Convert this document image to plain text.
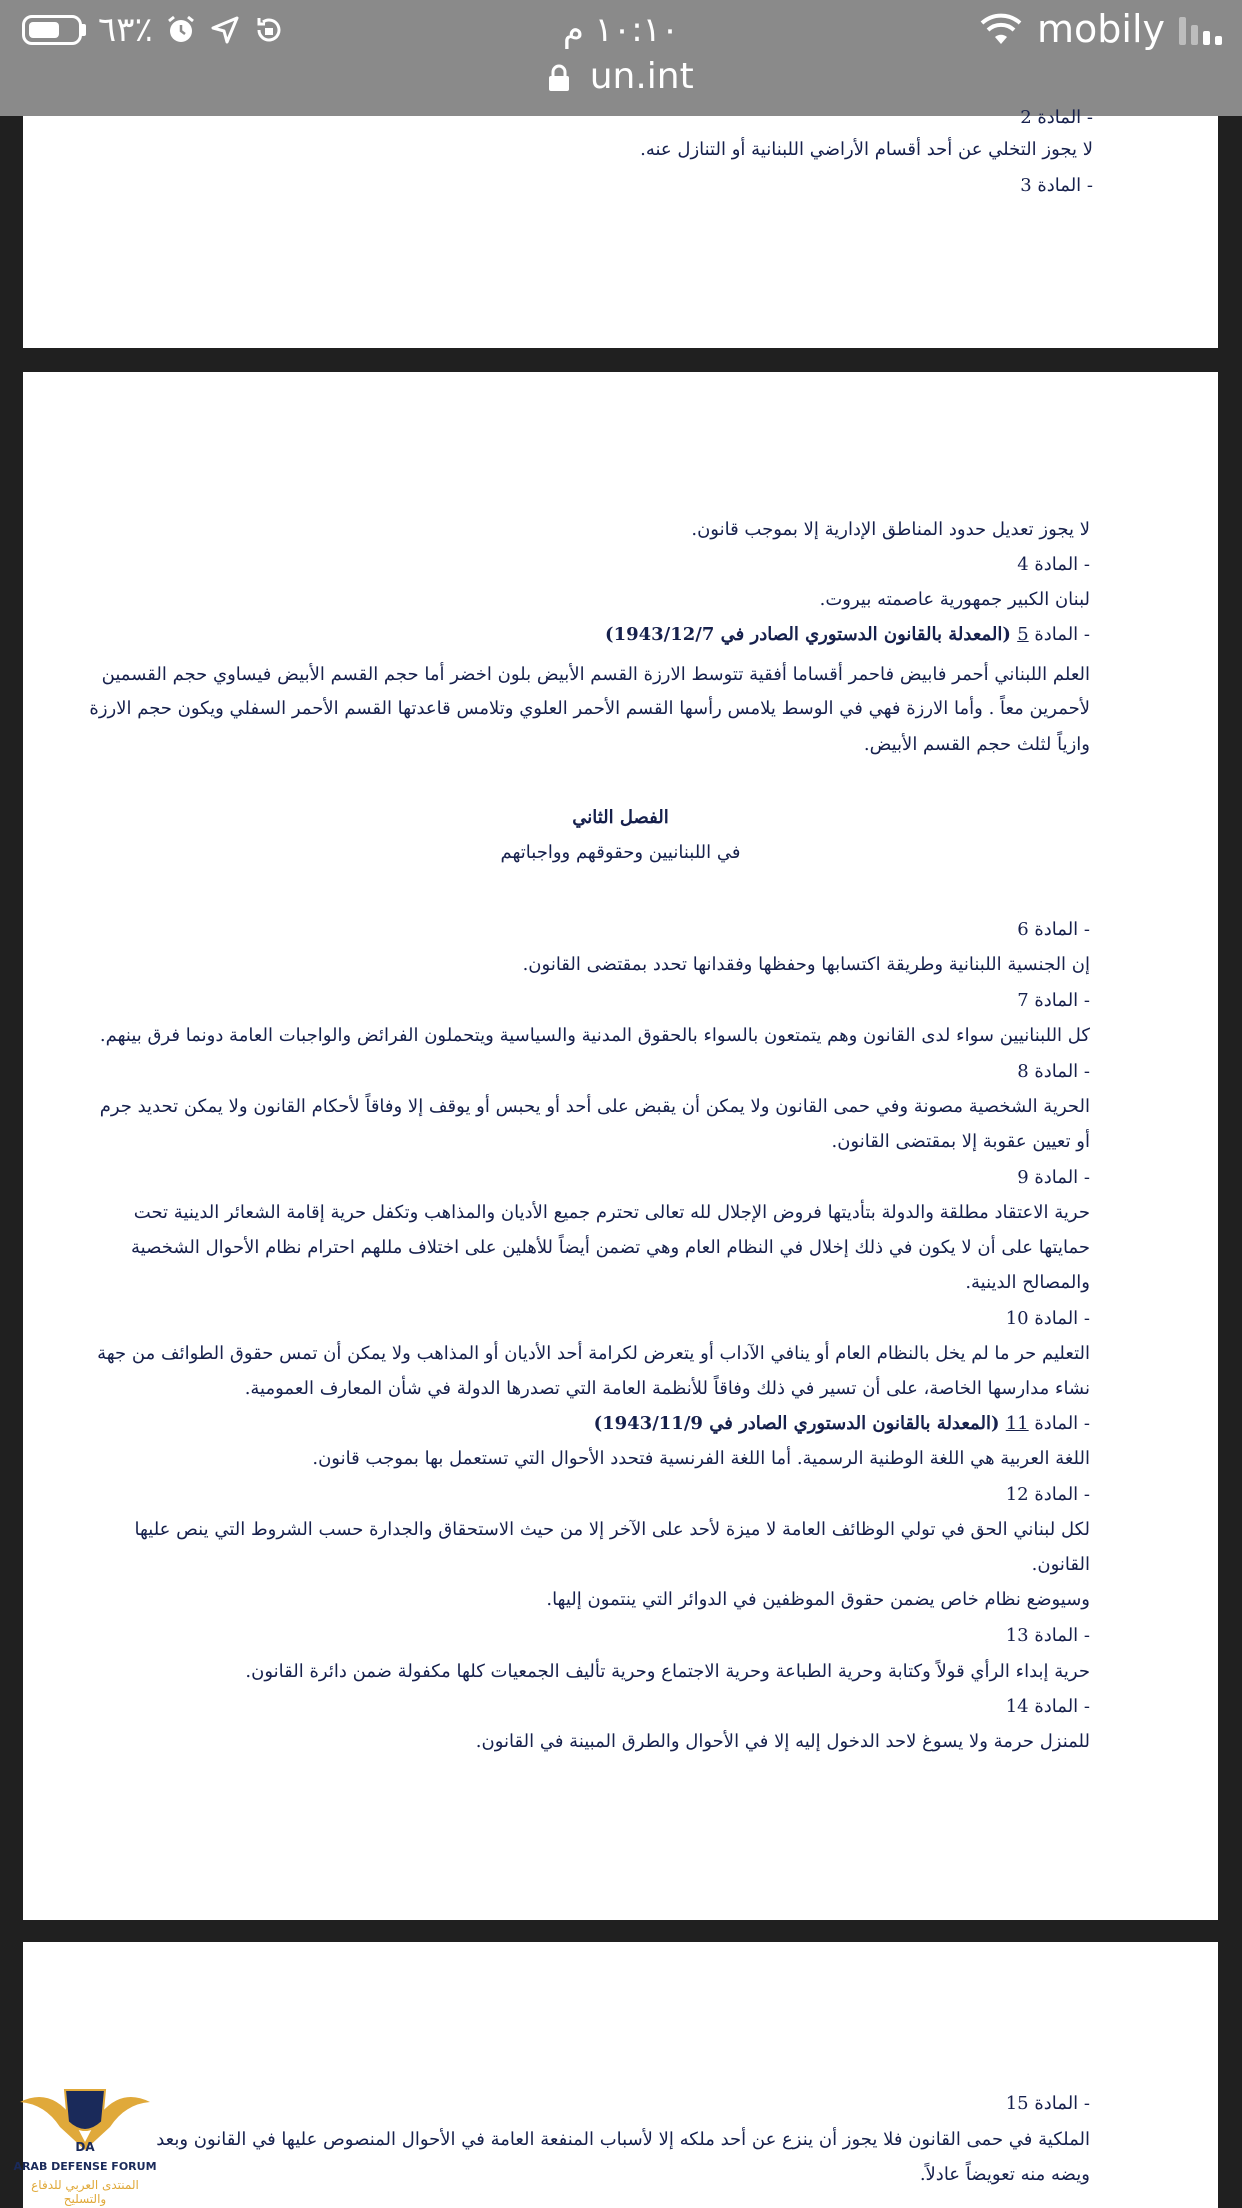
٦٣٪	١٠:١٠ م	mobily
un.int
- المادة 2
لا يجوز التخلي عن أحد أقسام الأراضي اللبنانية أو التنازل عنه.
- المادة 3
لا يجوز تعديل حدود المناطق الإدارية إلا بموجب قانون.
- المادة 4
لبنان الكبير جمهورية عاصمته بيروت.
- المادة 5 (المعدلة بالقانون الدستوري الصادر في 1943/12/7)
العلم اللبناني أحمر فابيض فاحمر أقساما أفقية تتوسط الارزة القسم الأبيض بلون اخضر أما حجم القسم الأبيض فيساوي حجم القسمين
لأحمرين معاً . وأما الارزة فهي في الوسط يلامس رأسها القسم الأحمر العلوي وتلامس قاعدتها القسم الأحمر السفلي ويكون حجم الارزة
وازياً لثلث حجم القسم الأبيض.
الفصل الثاني
في اللبنانيين وحقوقهم وواجباتهم
- المادة 6
إن الجنسية اللبنانية وطريقة اكتسابها وحفظها وفقدانها تحدد بمقتضى القانون.
- المادة 7
كل اللبنانيين سواء لدى القانون وهم يتمتعون بالسواء بالحقوق المدنية والسياسية ويتحملون الفرائض والواجبات العامة دونما فرق بينهم.
- المادة 8
الحرية الشخصية مصونة وفي حمى القانون ولا يمكن أن يقبض على أحد أو يحبس أو يوقف إلا وفاقاً لأحكام القانون ولا يمكن تحديد جرم
أو تعيين عقوبة إلا بمقتضى القانون.
- المادة 9
حرية الاعتقاد مطلقة والدولة بتأديتها فروض الإجلال لله تعالى تحترم جميع الأديان والمذاهب وتكفل حرية إقامة الشعائر الدينية تحت
حمايتها على أن لا يكون في ذلك إخلال في النظام العام وهي تضمن أيضاً للأهلين على اختلاف مللهم احترام نظام الأحوال الشخصية
والمصالح الدينية.
- المادة 10
التعليم حر ما لم يخل بالنظام العام أو ينافي الآداب أو يتعرض لكرامة أحد الأديان أو المذاهب ولا يمكن أن تمس حقوق الطوائف من جهة
نشاء مدارسها الخاصة، على أن تسير في ذلك وفاقاً للأنظمة العامة التي تصدرها الدولة في شأن المعارف العمومية.
- المادة 11 (المعدلة بالقانون الدستوري الصادر في 1943/11/9)
اللغة العربية هي اللغة الوطنية الرسمية. أما اللغة الفرنسية فتحدد الأحوال التي تستعمل بها بموجب قانون.
- المادة 12
لكل لبناني الحق في تولي الوظائف العامة لا ميزة لأحد على الآخر إلا من حيث الاستحقاق والجدارة حسب الشروط التي ينص عليها
القانون.
وسيوضع نظام خاص يضمن حقوق الموظفين في الدوائر التي ينتمون إليها.
- المادة 13
حرية إبداء الرأي قولاً وكتابة وحرية الطباعة وحرية الاجتماع وحرية تأليف الجمعيات كلها مكفولة ضمن دائرة القانون.
- المادة 14
للمنزل حرمة ولا يسوغ لاحد الدخول إليه إلا في الأحوال والطرق المبينة في القانون.
- المادة 15
الملكية في حمى القانون فلا يجوز أن ينزع عن أحد ملكه إلا لأسباب المنفعة العامة في الأحوال المنصوص عليها في القانون وبعد
ويضه منه تعويضاً عادلاً.
DA
ARAB DEFENSE FORUM
المنتدى العربي للدفاع والتسليح
